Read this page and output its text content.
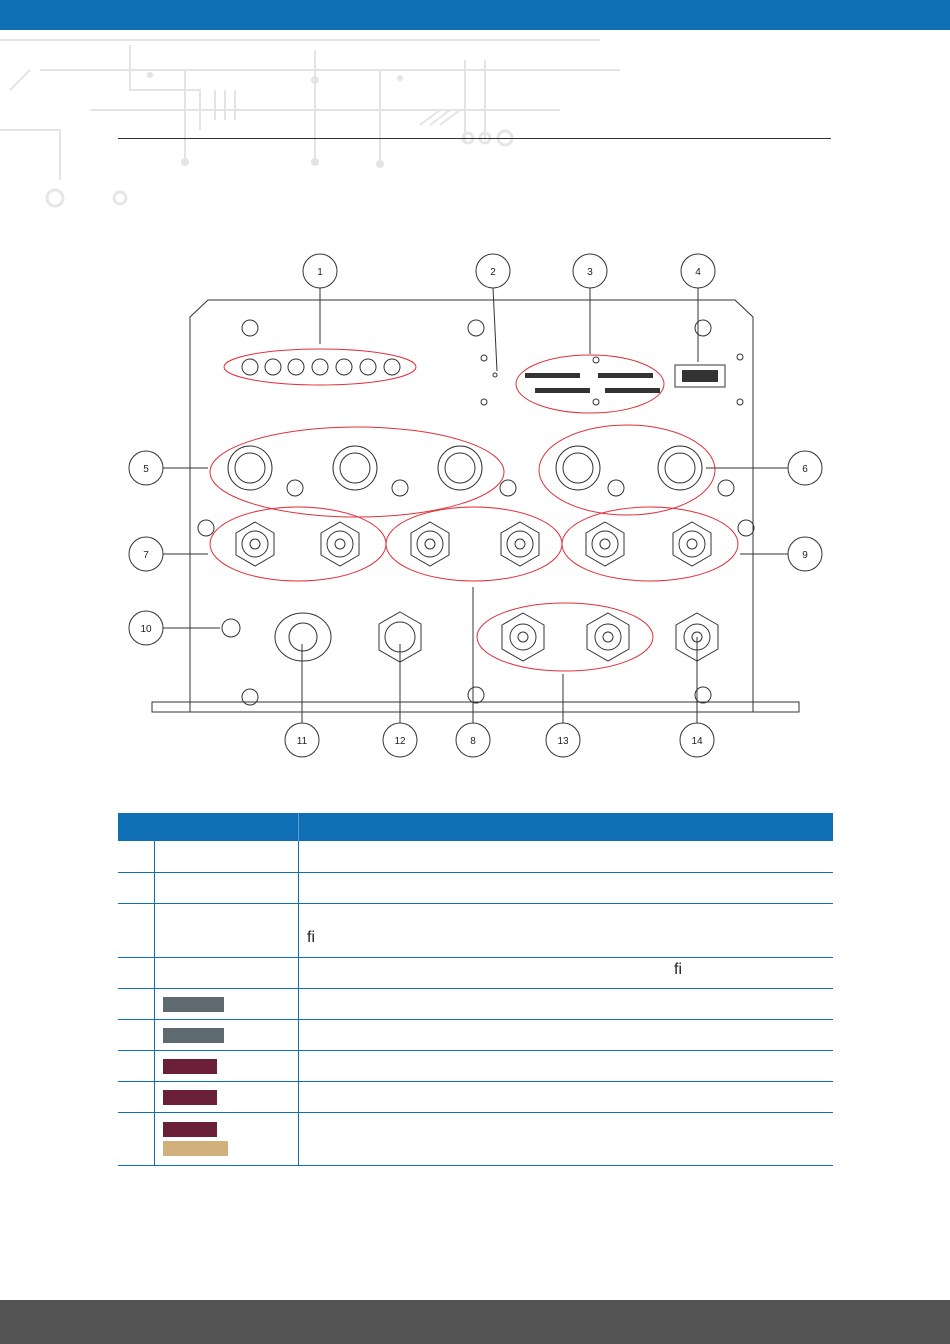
1	2	3	4
5	6
7
8
9
10
11	12	13	14
ﬁ
ﬁ
